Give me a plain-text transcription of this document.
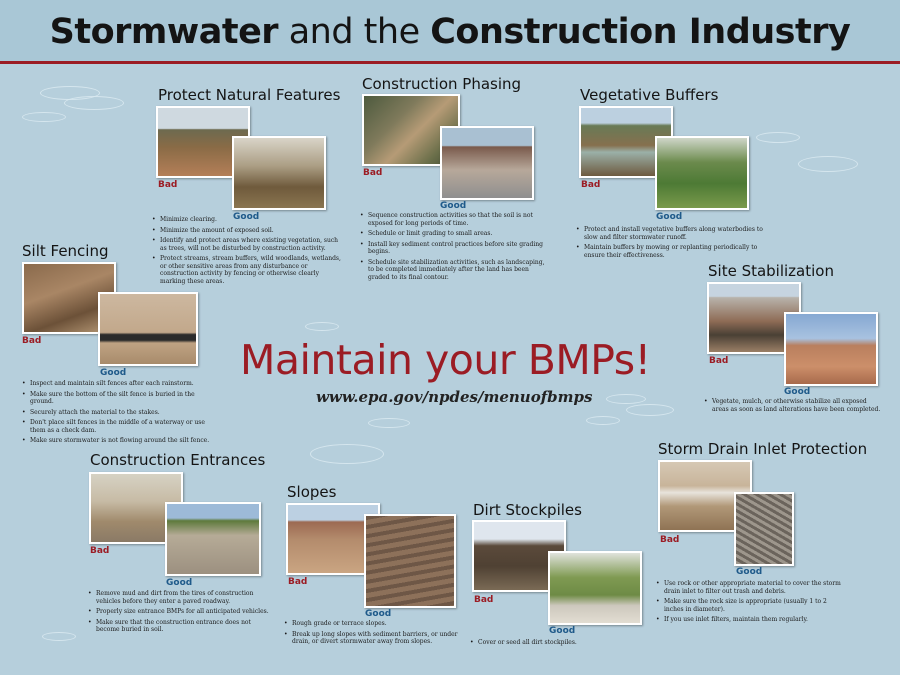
Stormwater and the Construction Industry
Protect Natural Features
Bad
Good
• Minimize clearing.
• Minimize the amount of exposed soil.
• Identify and protect areas where existing vegetation, such as trees, will not be disturbed by construction activity.
• Protect streams, stream buffers, wild woodlands, wetlands, or other sensitive areas from any disturbance or construction activity by fencing or otherwise clearly marking these areas.
Construction Phasing
Bad
Good
• Sequence construction activities so that the soil is not exposed for long periods of time.
• Schedule or limit grading to small areas.
• Install key sediment control practices before site grading begins.
• Schedule site stabilization activities, such as landscaping, to be completed immediately after the land has been graded to its final contour.
Vegetative Buffers
Bad
Good
• Protect and install vegetative buffers along waterbodies to slow and filter stormwater runoff.
• Maintain buffers by mowing or replanting periodically to ensure their effectiveness.
Silt Fencing
Bad
Good
• Inspect and maintain silt fences after each rainstorm.
• Make sure the bottom of the silt fence is buried in the ground.
• Securely attach the material to the stakes.
• Don't place silt fences in the middle of a waterway or use them as a check dam.
• Make sure stormwater is not flowing around the silt fence.
Site Stabilization
Bad
Good
• Vegetate, mulch, or otherwise stabilize all exposed areas as soon as land alterations have been completed.
Maintain your BMPs!
www.epa.gov/npdes/menuofbmps
Construction Entrances
Bad
Good
• Remove mud and dirt from the tires of construction vehicles before they enter a paved roadway.
• Properly size entrance BMPs for all anticipated vehicles.
• Make sure that the construction entrance does not become buried in soil.
Slopes
Bad
Good
• Rough grade or terrace slopes.
• Break up long slopes with sediment barriers, or under drain, or divert stormwater away from slopes.
Dirt Stockpiles
Bad
Good
• Cover or seed all dirt stockpiles.
Storm Drain Inlet Protection
Bad
Good
• Use rock or other appropriate material to cover the storm drain inlet to filter out trash and debris.
• Make sure the rock size is appropriate (usually 1 to 2 inches in diameter).
• If you use inlet filters, maintain them regularly.
